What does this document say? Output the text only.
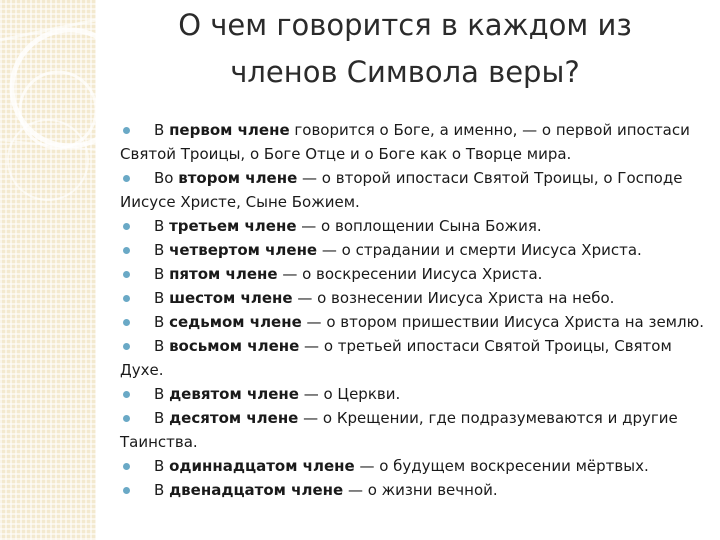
О чем говорится в каждом из
членов Символа веры?
В первом члене говорится о Боге, а именно, — о первой ипостаси Святой Троицы, о Боге Отце и о Боге как о Творце мира.
Во втором члене — о второй ипостаси Святой Троицы, о Господе Иисусе Христе, Сыне Божием.
В третьем члене — о воплощении Сына Божия.
В четвертом члене — о страдании и смерти Иисуса Христа.
В пятом члене — о воскресении Иисуса Христа.
В шестом члене — о вознесении Иисуса Христа на небо.
В седьмом члене — о втором пришествии Иисуса Христа на землю.
В восьмом члене — о третьей ипостаси Святой Троицы, Святом Духе.
В девятом члене — о Церкви.
В десятом члене — о Крещении, где подразумеваются и другие Таинства.
В одиннадцатом члене — о будущем воскресении мёртвых.
В двенадцатом члене — о жизни вечной.
